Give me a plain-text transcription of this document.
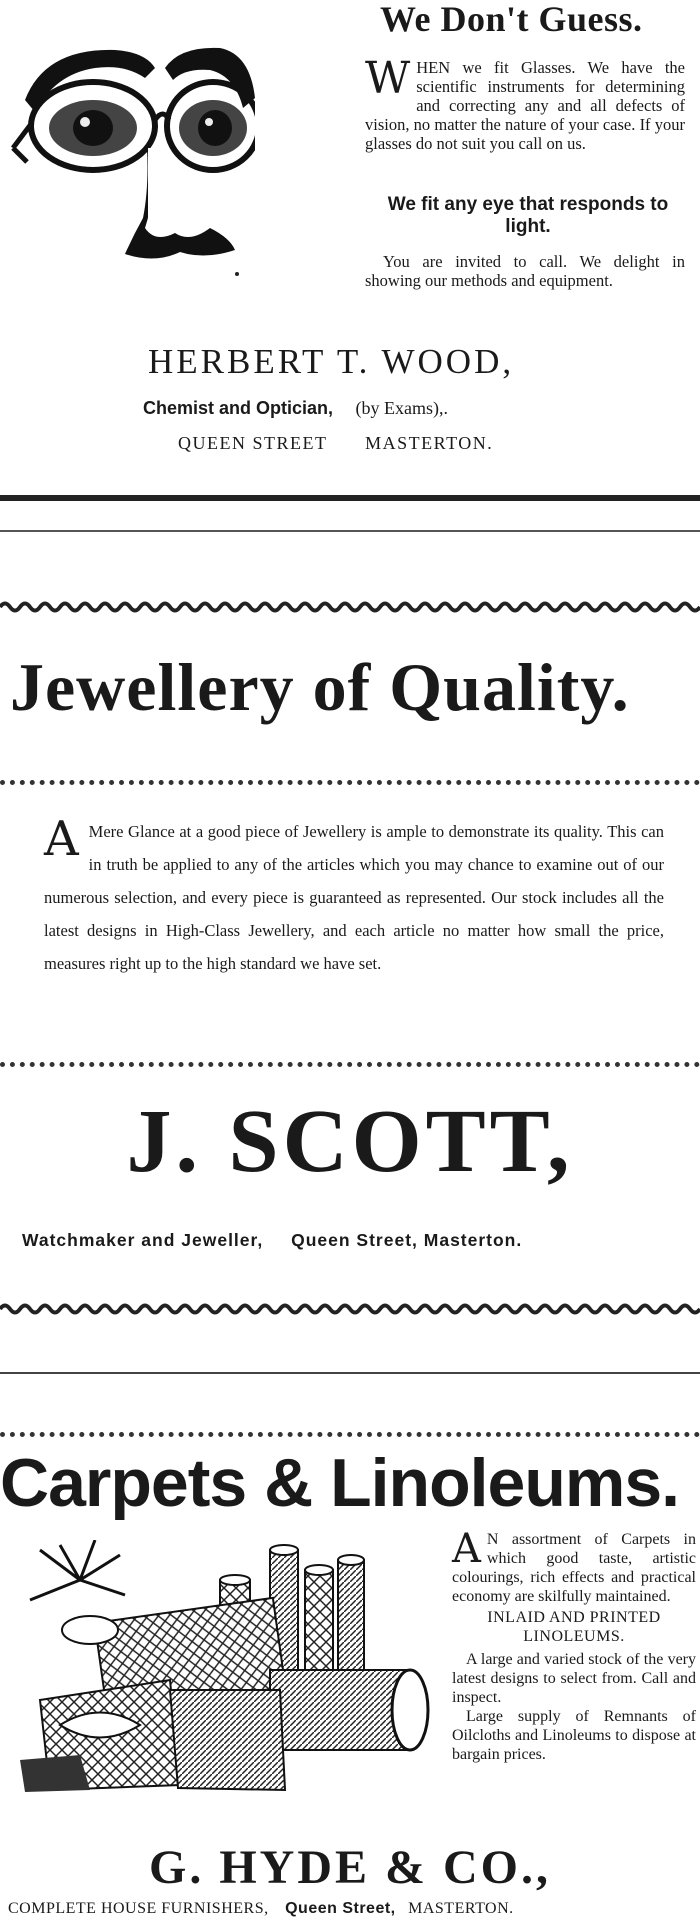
We Don't Guess.
WHEN we fit Glasses. We have the scientific instruments for determining and correcting any and all defects of vision, no matter the nature of your case. If your glasses do not suit you call on us.
We fit any eye that responds to light.
You are invited to call. We delight in showing our methods and equipment.
HERBERT T. WOOD,
Chemist and Optician, (by Exams),.
QUEEN STREET MASTERTON.
Jewellery of Quality.
A Mere Glance at a good piece of Jewellery is ample to demonstrate its quality. This can in truth be applied to any of the articles which you may chance to examine out of our numerous selection, and every piece is guaranteed as represented. Our stock includes all the latest designs in High-Class Jewellery, and each article no matter how small the price, measures right up to the high standard we have set.
J. SCOTT,
Watchmaker and Jeweller, Queen Street, Masterton.
Carpets & Linoleums.
A N assortment of Carpets in which good taste, artistic colourings, rich effects and practical economy are skilfully maintained.
INLAID AND PRINTED LINOLEUMS.
A large and varied stock of the very latest designs to select from. Call and inspect.
Large supply of Remnants of Oilcloths and Linoleums to dispose at bargain prices.
G. HYDE & CO.,
COMPLETE HOUSE FURNISHERS, Queen Street, MASTERTON.
